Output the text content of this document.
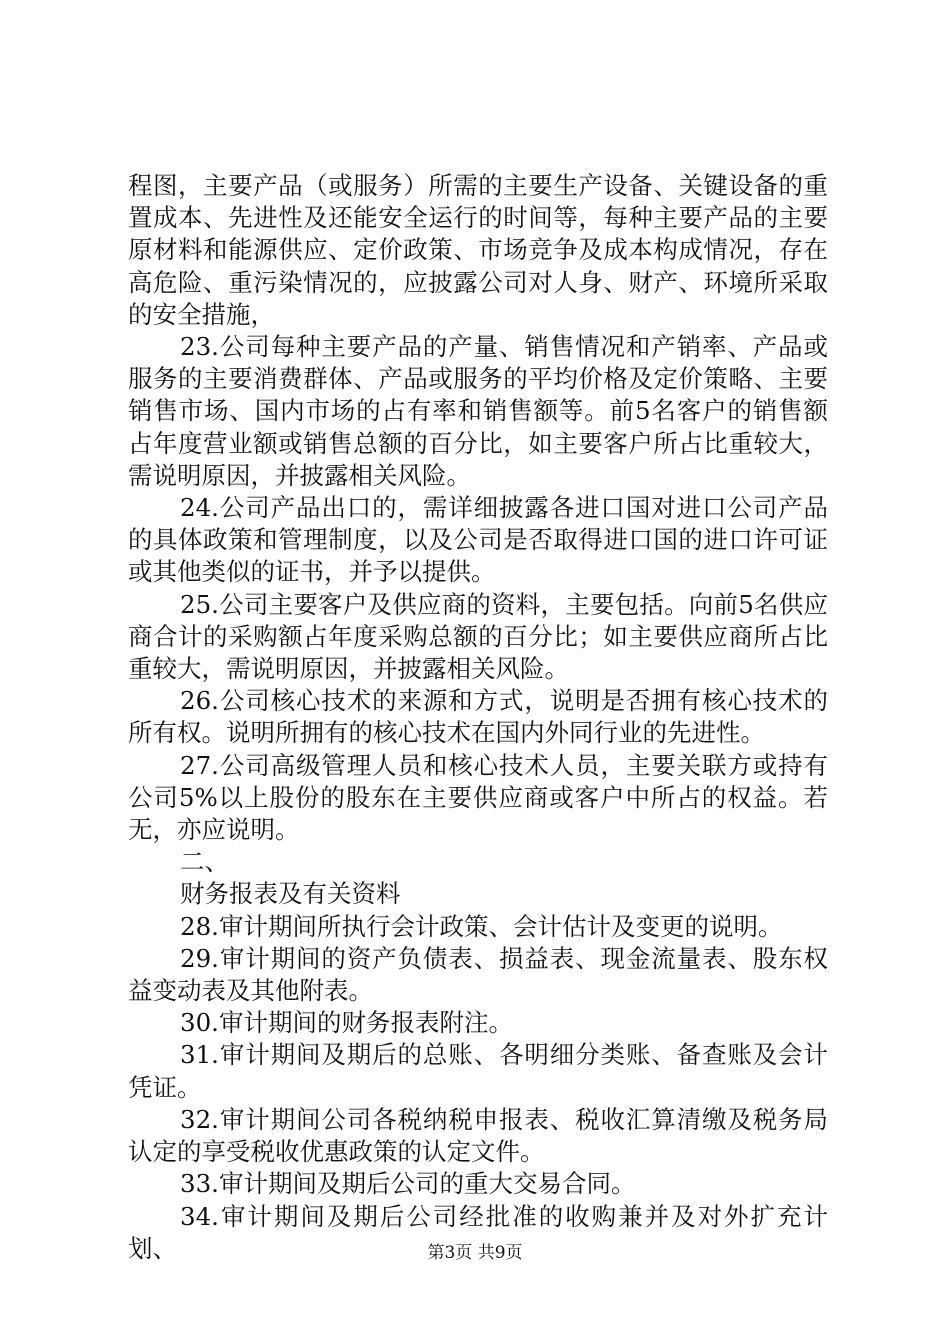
程图，主要产品（或服务）所需的主要生产设备、关键设备的重置成本、先进性及还能安全运行的时间等，每种主要产品的主要原材料和能源供应、定价政策、市场竞争及成本构成情况，存在高危险、重污染情况的，应披露公司对人身、财产、环境所采取的安全措施，

23.公司每种主要产品的产量、销售情况和产销率、产品或服务的主要消费群体、产品或服务的平均价格及定价策略、主要销售市场、国内市场的占有率和销售额等。前5名客户的销售额占年度营业额或销售总额的百分比，如主要客户所占比重较大，需说明原因，并披露相关风险。

24.公司产品出口的，需详细披露各进口国对进口公司产品的具体政策和管理制度，以及公司是否取得进口国的进口许可证或其他类似的证书，并予以提供。

25.公司主要客户及供应商的资料，主要包括。向前5名供应商合计的采购额占年度采购总额的百分比；如主要供应商所占比重较大，需说明原因，并披露相关风险。

26.公司核心技术的来源和方式，说明是否拥有核心技术的所有权。说明所拥有的核心技术在国内外同行业的先进性。

27.公司高级管理人员和核心技术人员，主要关联方或持有公司5%以上股份的股东在主要供应商或客户中所占的权益。若无，亦应说明。

二、

财务报表及有关资料

28.审计期间所执行会计政策、会计估计及变更的说明。

29.审计期间的资产负债表、损益表、现金流量表、股东权益变动表及其他附表。

30.审计期间的财务报表附注。

31.审计期间及期后的总账、各明细分类账、备查账及会计凭证。

32.审计期间公司各税纳税申报表、税收汇算清缴及税务局认定的享受税收优惠政策的认定文件。

33.审计期间及期后公司的重大交易合同。

34.审计期间及期后公司经批准的收购兼并及对外扩充计划、	第3页 共9页
